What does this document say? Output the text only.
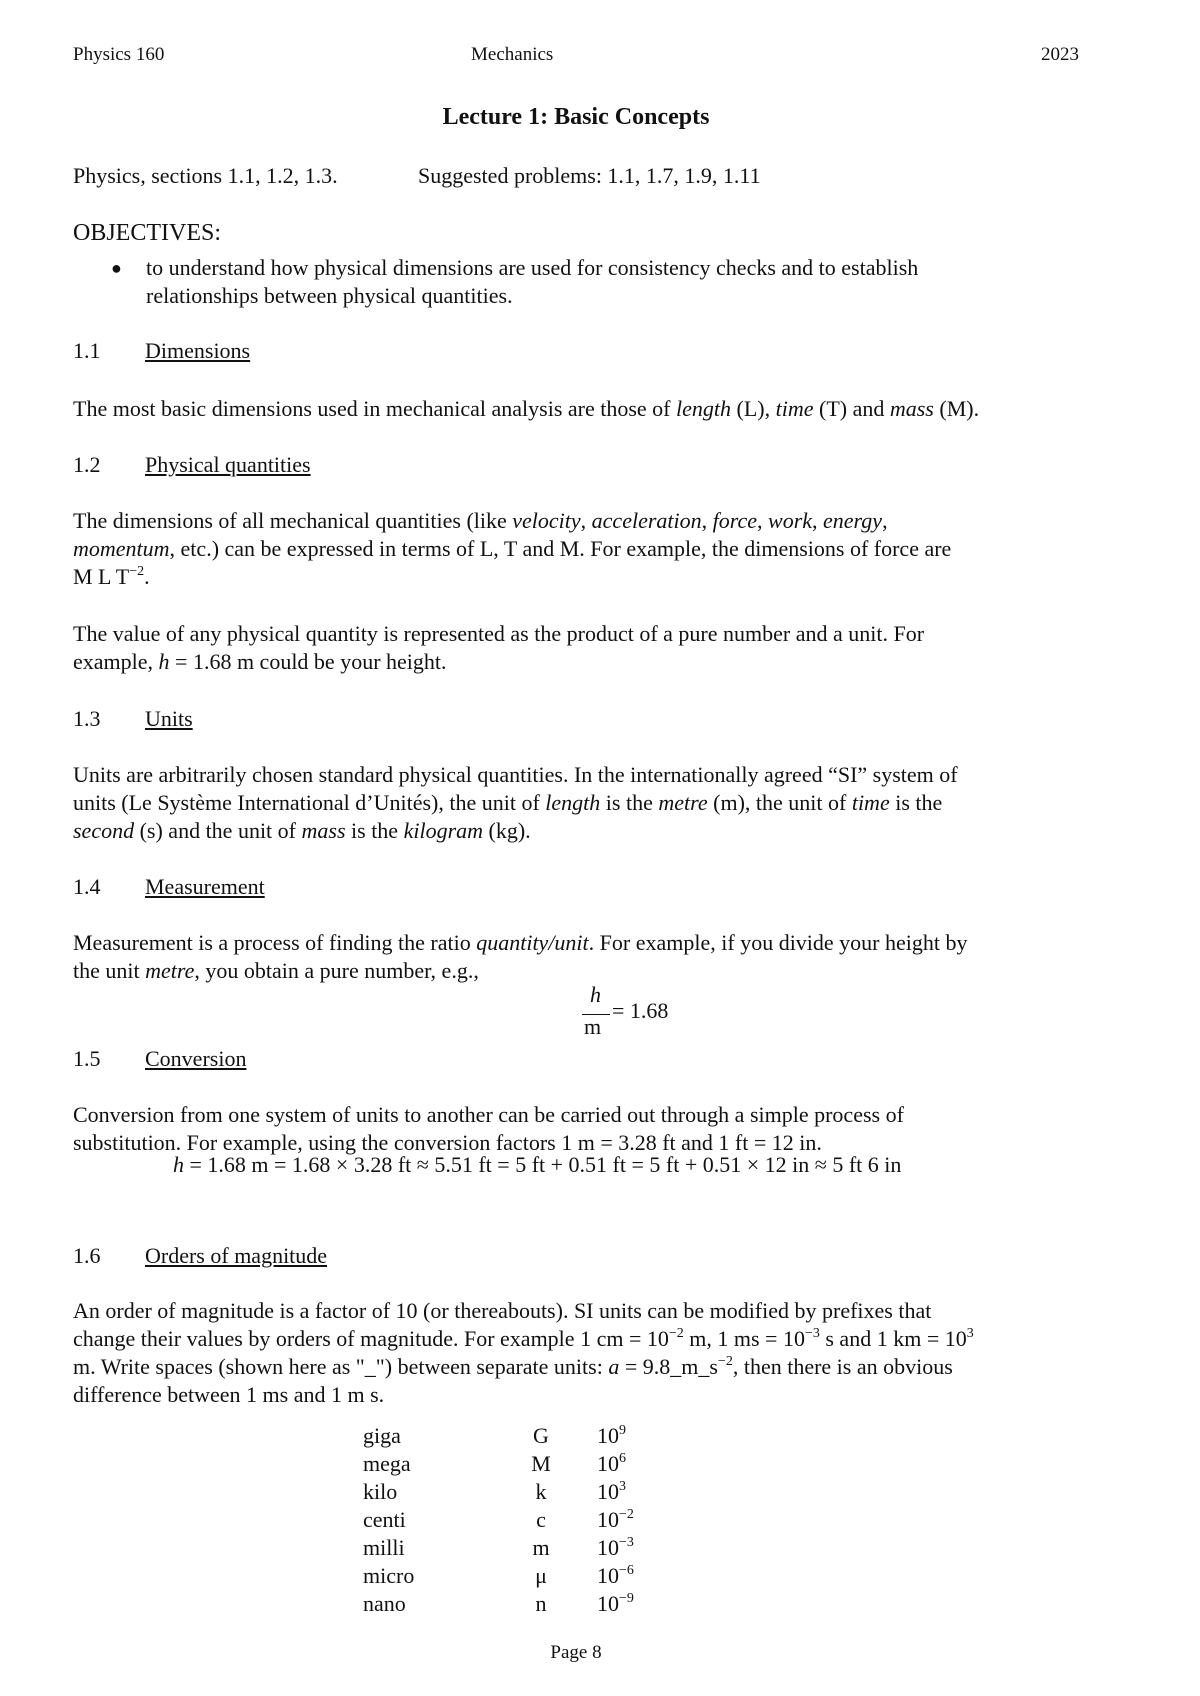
Physics 160	Mechanics	2023
Lecture 1: Basic Concepts
Physics, sections 1.1, 1.2, 1.3.	Suggested problems: 1.1, 1.7, 1.9, 1.11
OBJECTIVES:
● to understand how physical dimensions are used for consistency checks and to establish
relationships between physical quantities.
1.1 Dimensions
The most basic dimensions used in mechanical analysis are those of length (L), time (T) and mass (M).
1.2 Physical quantities
The dimensions of all mechanical quantities (like velocity, acceleration, force, work, energy,
momentum, etc.) can be expressed in terms of L, T and M. For example, the dimensions of force are
M L $T^{-2}$.
The value of any physical quantity is represented as the product of a pure number and a unit. For
example, h = 1.68 m could be your height.
1.3 Units
Units are arbitrarily chosen standard physical quantities. In the internationally agreed “SI” system of
units (Le Système International d’Unités), the unit of length is the metre (m), the unit of time is the
second (s) and the unit of mass is the kilogram (kg).
1.4 Measurement
Measurement is a process of finding the ratio quantity/unit. For example, if you divide your height by
the unit metre, you obtain a pure number, e.g.,
h
m
= 1.68
1.5 Conversion
Conversion from one system of units to another can be carried out through a simple process of
substitution. For example, using the conversion factors 1 m = 3.28 ft and 1 ft = 12 in.
h = 1.68 m = 1.68 × 3.28 ft ≈ 5.51 ft = 5 ft + 0.51 ft = 5 ft + 0.51 × 12 in ≈ 5 ft 6 in
1.6 Orders of magnitude
An order of magnitude is a factor of 10 (or thereabouts). SI units can be modified by prefixes that
change their values by orders of magnitude. For example 1 cm = $10^{-2}$ m, 1 ms = $10^{-3}$ s and 1 km = $10^3$
m. Write spaces (shown here as "_") between separate units: $a = 9.8\_m\_s^{-2}$, then there is an obvious
difference between 1 ms and 1 m s.
giga	G	$10^9$
mega	M	$10^6$
kilo	k	$10^3$
centi	c	$10^{-2}$
milli	m	$10^{-3}$
micro	μ	$10^{-6}$
nano	n	$10^{-9}$
Page 8
